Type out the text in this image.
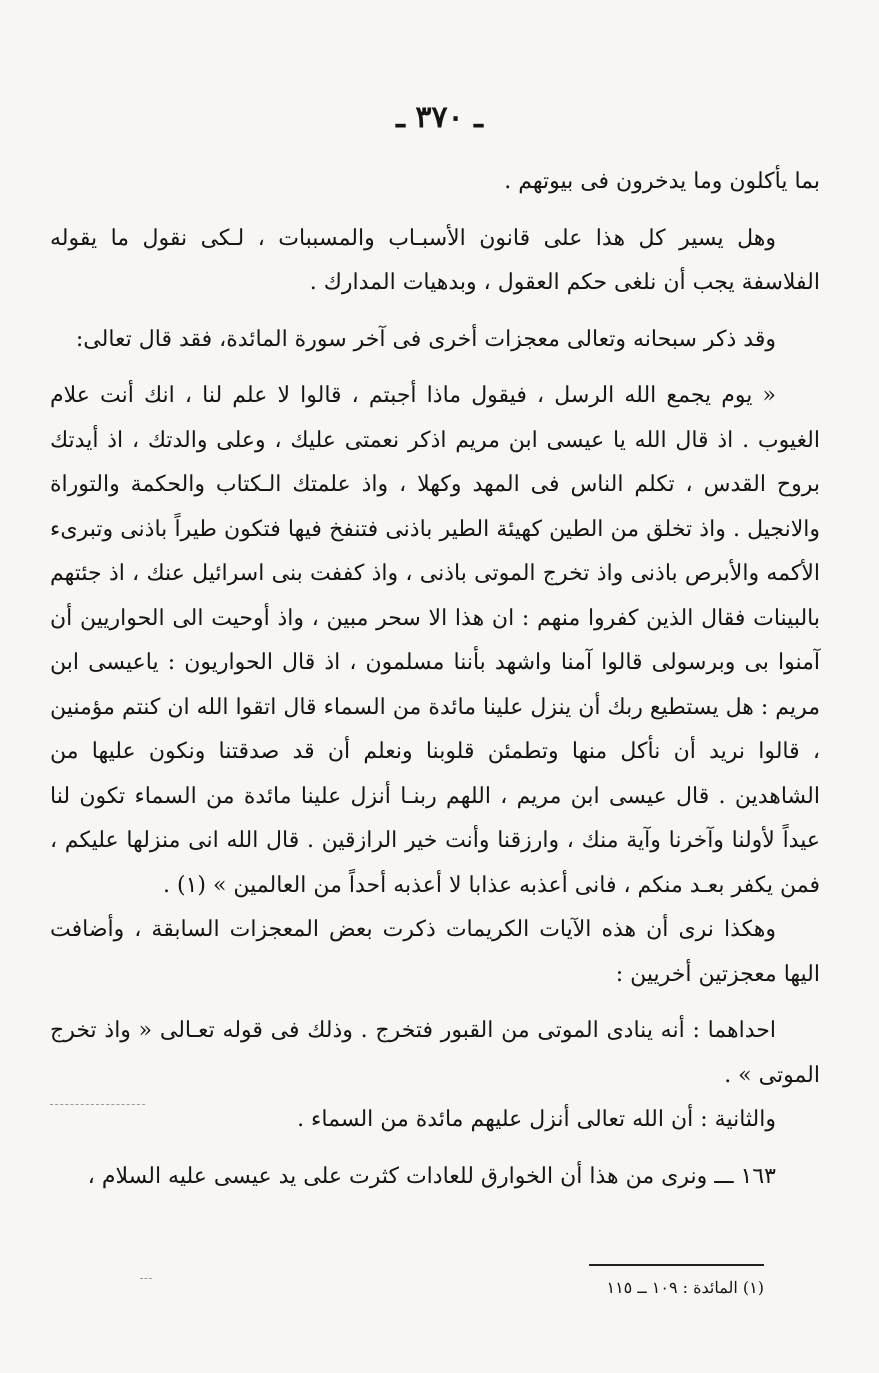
ـ ٣٧٠ ـ

بما يأكلون وما يدخرون فى بيوتهم .

وهل يسير كل هذا على قانون الأسبـاب والمسببات ، لـكى نقول ما يقوله الفلاسفة يجب أن نلغى حكم العقول ، وبدهيات المدارك .

وقد ذكر سبحانه وتعالى معجزات أخرى فى آخر سورة المائدة، فقد قال تعالى:

« يوم يجمع الله الرسل ، فيقول ماذا أجبتم ، قالوا لا علم لنا ، انك أنت علام الغيوب . اذ قال الله يا عيسى ابن مريم اذكر نعمتى عليك ، وعلى والدتك ، اذ أيدتك بروح القدس ، تكلم الناس فى المهد وكهلا ، واذ علمتك الـكتاب والحكمة والتوراة والانجيل . واذ تخلق من الطين كهيئة الطير باذنى فتنفخ فيها فتكون طيراً باذنى وتبرىء الأكمه والأبرص باذنى واذ تخرج الموتى باذنى ، واذ كففت بنى اسرائيل عنك ، اذ جئتهم بالبينات فقال الذين كفروا منهم : ان هذا الا سحر مبين ، واذ أوحيت الى الحواريين أن آمنوا بى وبرسولى قالوا آمنا واشهد بأننا مسلمون ، اذ قال الحواريون : ياعيسى ابن مريم : هل يستطيع ربك أن ينزل علينا مائدة من السماء قال اتقوا الله ان كنتم مؤمنين ، قالوا نريد أن نأكل منها وتطمئن قلوبنا ونعلم أن قد صدقتنا ونكون عليها من الشاهدين . قال عيسى ابن مريم ، اللهم ربنـا أنزل علينا مائدة من السماء تكون لنا عيداً لأولنا وآخرنا وآية منك ، وارزقنا وأنت خير الرازقين . قال الله انى منزلها عليكم ، فمن يكفر بعـد منكم ، فانى أعذبه عذابا لا أعذبه أحداً من العالمين » (١) .

وهكذا نرى أن هذه الآيات الكريمات ذكرت بعض المعجزات السابقة ، وأضافت اليها معجزتين أخريين :

احداهما : أنه ينادى الموتى من القبور فتخرج . وذلك فى قوله تعـالى « واذ تخرج الموتى » .

والثانية : أن الله تعالى أنزل عليهم مائدة من السماء .

١٦٣ ـــ ونرى من هذا أن الخوارق للعادات كثرت على يد عيسى عليه السلام ،

(١) المائدة : ١٠٩ ــ ١١٥
